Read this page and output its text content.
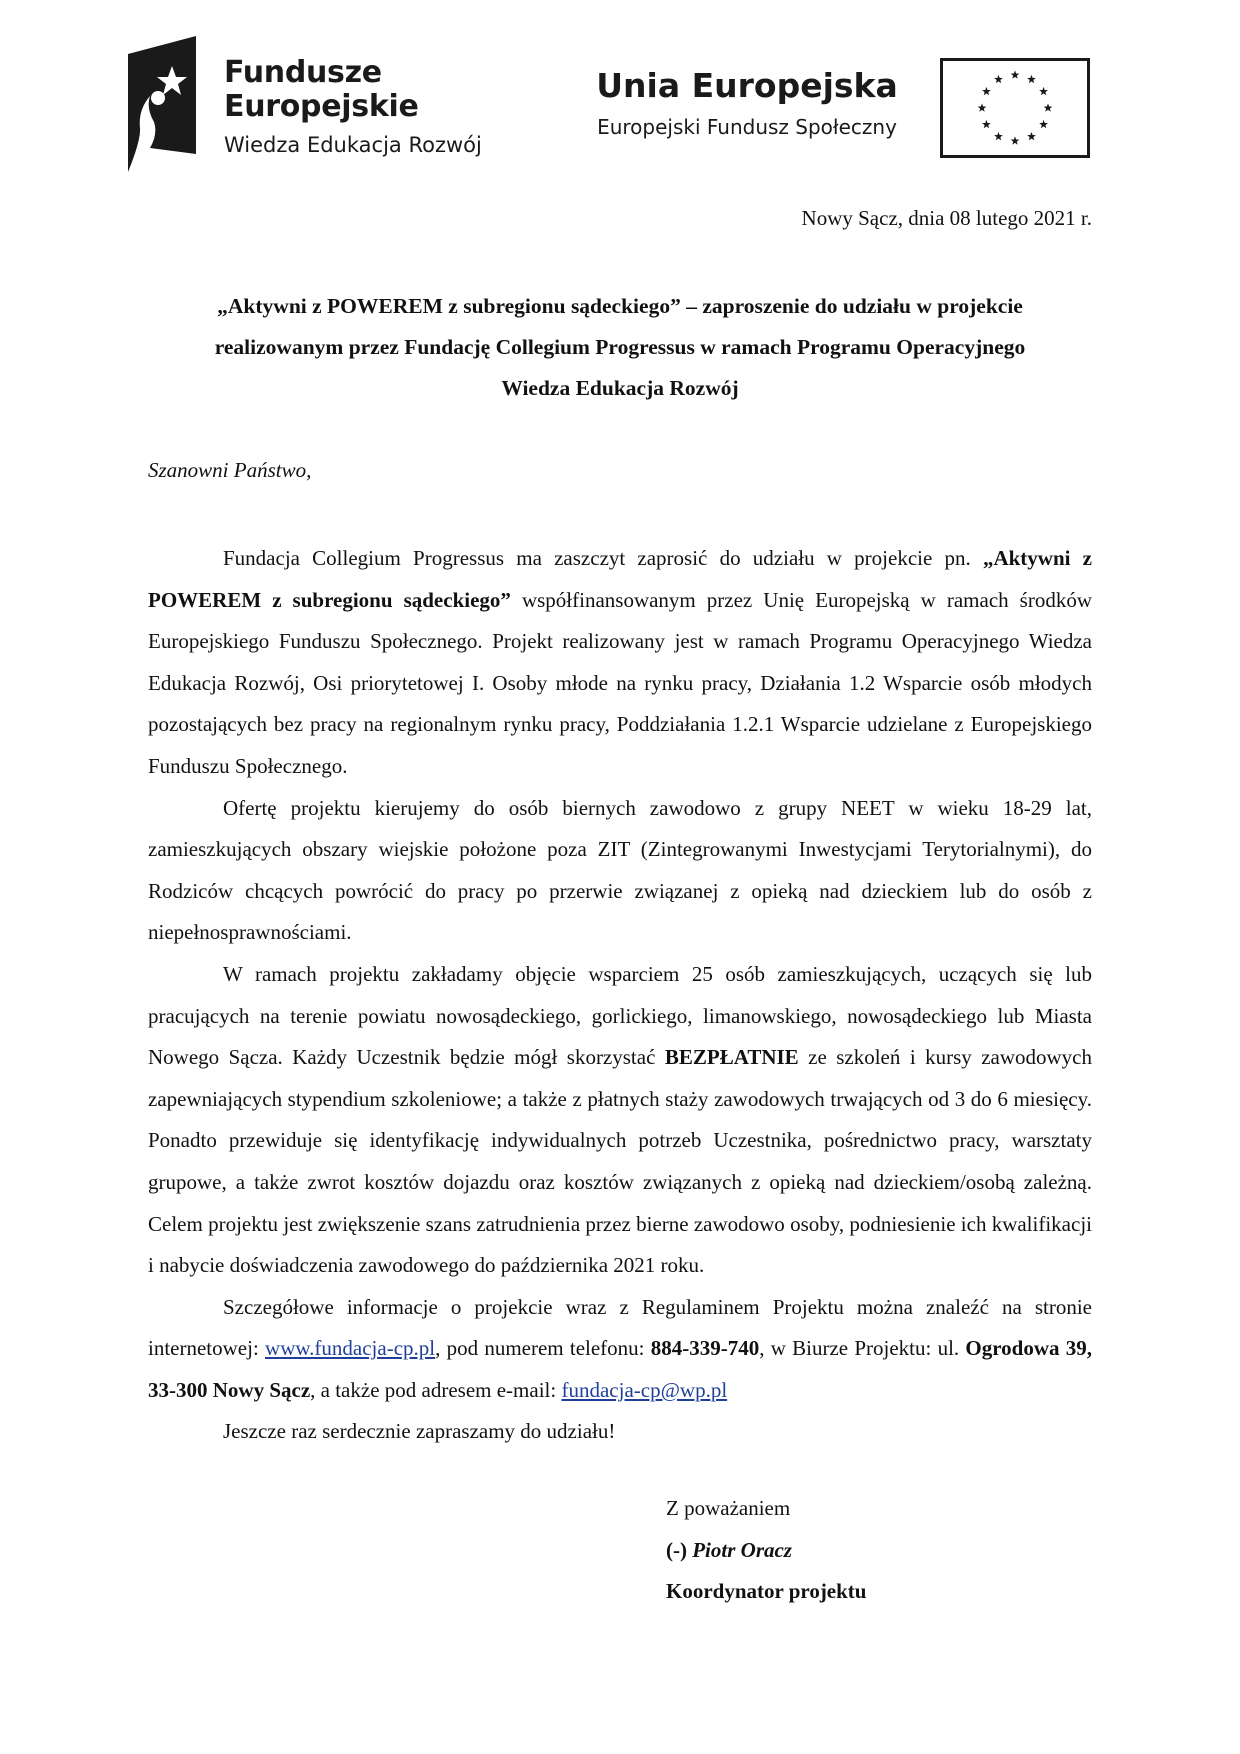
Fundusze
Europejskie
Wiedza Edukacja Rozwój
Unia Europejska
Europejski Fundusz Społeczny
Nowy Sącz, dnia 08 lutego 2021 r.
„Aktywni z POWEREM z subregionu sądeckiego” – zaproszenie do udziału w projekcie
realizowanym przez Fundację Collegium Progressus w ramach Programu Operacyjnego
Wiedza Edukacja Rozwój
Szanowni Państwo,

Fundacja Collegium Progressus ma zaszczyt zaprosić do udziału w projekcie pn. „Aktywni z POWEREM z subregionu sądeckiego” współfinansowanym przez Unię Europejską w ramach środków Europejskiego Funduszu Społecznego. Projekt realizowany jest w ramach Programu Operacyjnego Wiedza Edukacja Rozwój, Osi priorytetowej I. Osoby młode na rynku pracy, Działania 1.2 Wsparcie osób młodych pozostających bez pracy na regionalnym rynku pracy, Poddziałania 1.2.1 Wsparcie udzielane z Europejskiego Funduszu Społecznego.

Ofertę projektu kierujemy do osób biernych zawodowo z grupy NEET w wieku 18-29 lat, zamieszkujących obszary wiejskie położone poza ZIT (Zintegrowanymi Inwestycjami Terytorialnymi), do Rodziców chcących powrócić do pracy po przerwie związanej z opieką nad dzieckiem lub do osób z niepełnosprawnościami.

W ramach projektu zakładamy objęcie wsparciem 25 osób zamieszkujących, uczących się lub pracujących na terenie powiatu nowosądeckiego, gorlickiego, limanowskiego, nowosądeckiego lub Miasta Nowego Sącza. Każdy Uczestnik będzie mógł skorzystać BEZPŁATNIE ze szkoleń i kursy zawodowych zapewniających stypendium szkoleniowe; a także z płatnych staży zawodowych trwających od 3 do 6 miesięcy. Ponadto przewiduje się identyfikację indywidualnych potrzeb Uczestnika, pośrednictwo pracy, warsztaty grupowe, a także zwrot kosztów dojazdu oraz kosztów związanych z opieką nad dzieckiem/osobą zależną. Celem projektu jest zwiększenie szans zatrudnienia przez bierne zawodowo osoby, podniesienie ich kwalifikacji i nabycie doświadczenia zawodowego do października 2021 roku.

Szczegółowe informacje o projekcie wraz z Regulaminem Projektu można znaleźć na stronie internetowej: www.fundacja-cp.pl, pod numerem telefonu: 884-339-740, w Biurze Projektu: ul. Ogrodowa 39, 33-300 Nowy Sącz, a także pod adresem e-mail: fundacja-cp@wp.pl

Jeszcze raz serdecznie zapraszamy do udziału!

Z poważaniem
(-) Piotr Oracz
Koordynator projektu
